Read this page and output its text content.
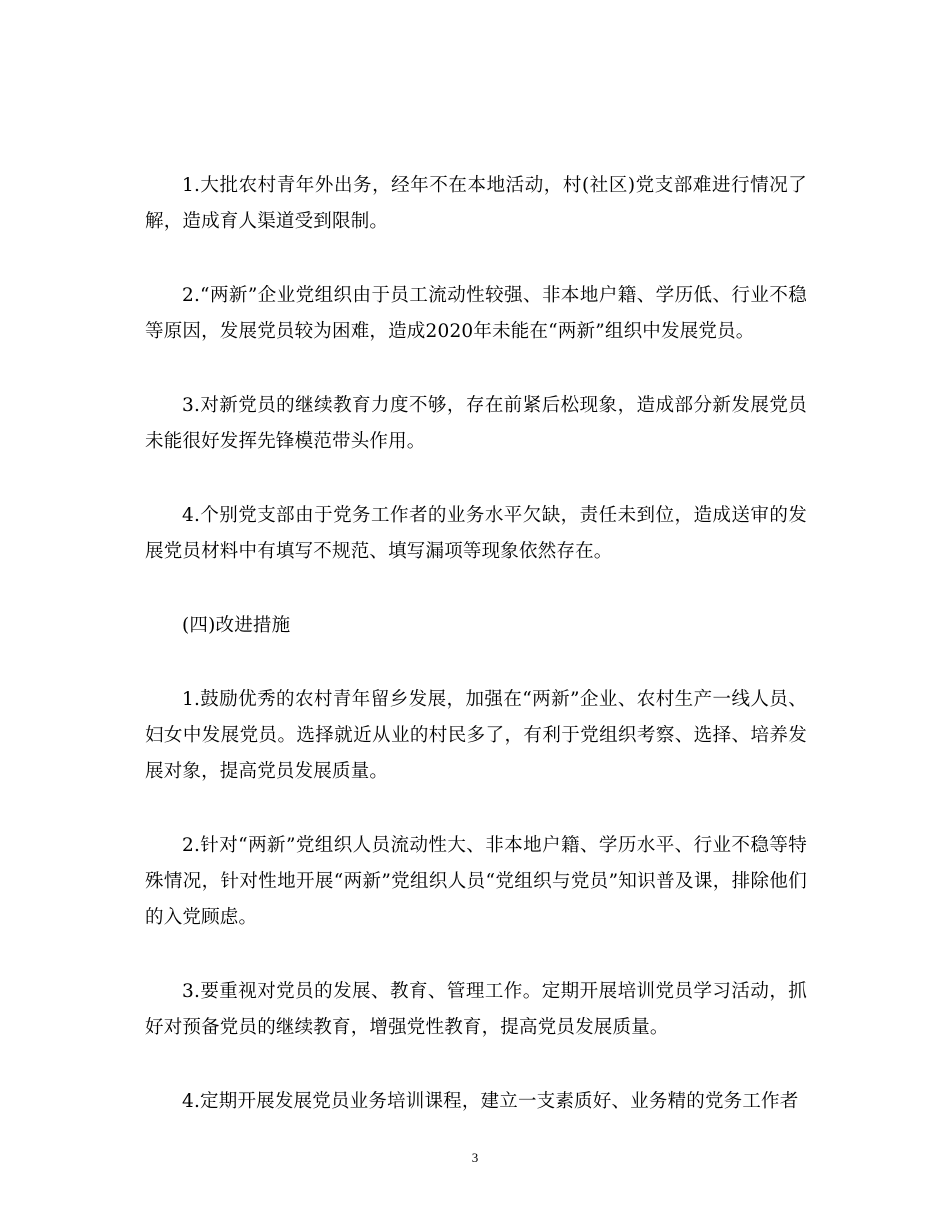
1.大批农村青年外出务，经年不在本地活动，村(社区)党支部难进行情况了解，造成育人渠道受到限制。

2.“两新”企业党组织由于员工流动性较强、非本地户籍、学历低、行业不稳等原因，发展党员较为困难，造成2020年未能在“两新”组织中发展党员。

3.对新党员的继续教育力度不够，存在前紧后松现象，造成部分新发展党员未能很好发挥先锋模范带头作用。

4.个别党支部由于党务工作者的业务水平欠缺，责任未到位，造成送审的发展党员材料中有填写不规范、填写漏项等现象依然存在。

(四)改进措施

1.鼓励优秀的农村青年留乡发展，加强在“两新”企业、农村生产一线人员、妇女中发展党员。选择就近从业的村民多了，有利于党组织考察、选择、培养发展对象，提高党员发展质量。

2.针对“两新”党组织人员流动性大、非本地户籍、学历水平、行业不稳等特殊情况，针对性地开展“两新”党组织人员“党组织与党员”知识普及课，排除他们的入党顾虑。

3.要重视对党员的发展、教育、管理工作。定期开展培训党员学习活动，抓好对预备党员的继续教育，增强党性教育，提高党员发展质量。

4.定期开展发展党员业务培训课程，建立一支素质好、业务精的党务工作者

3
